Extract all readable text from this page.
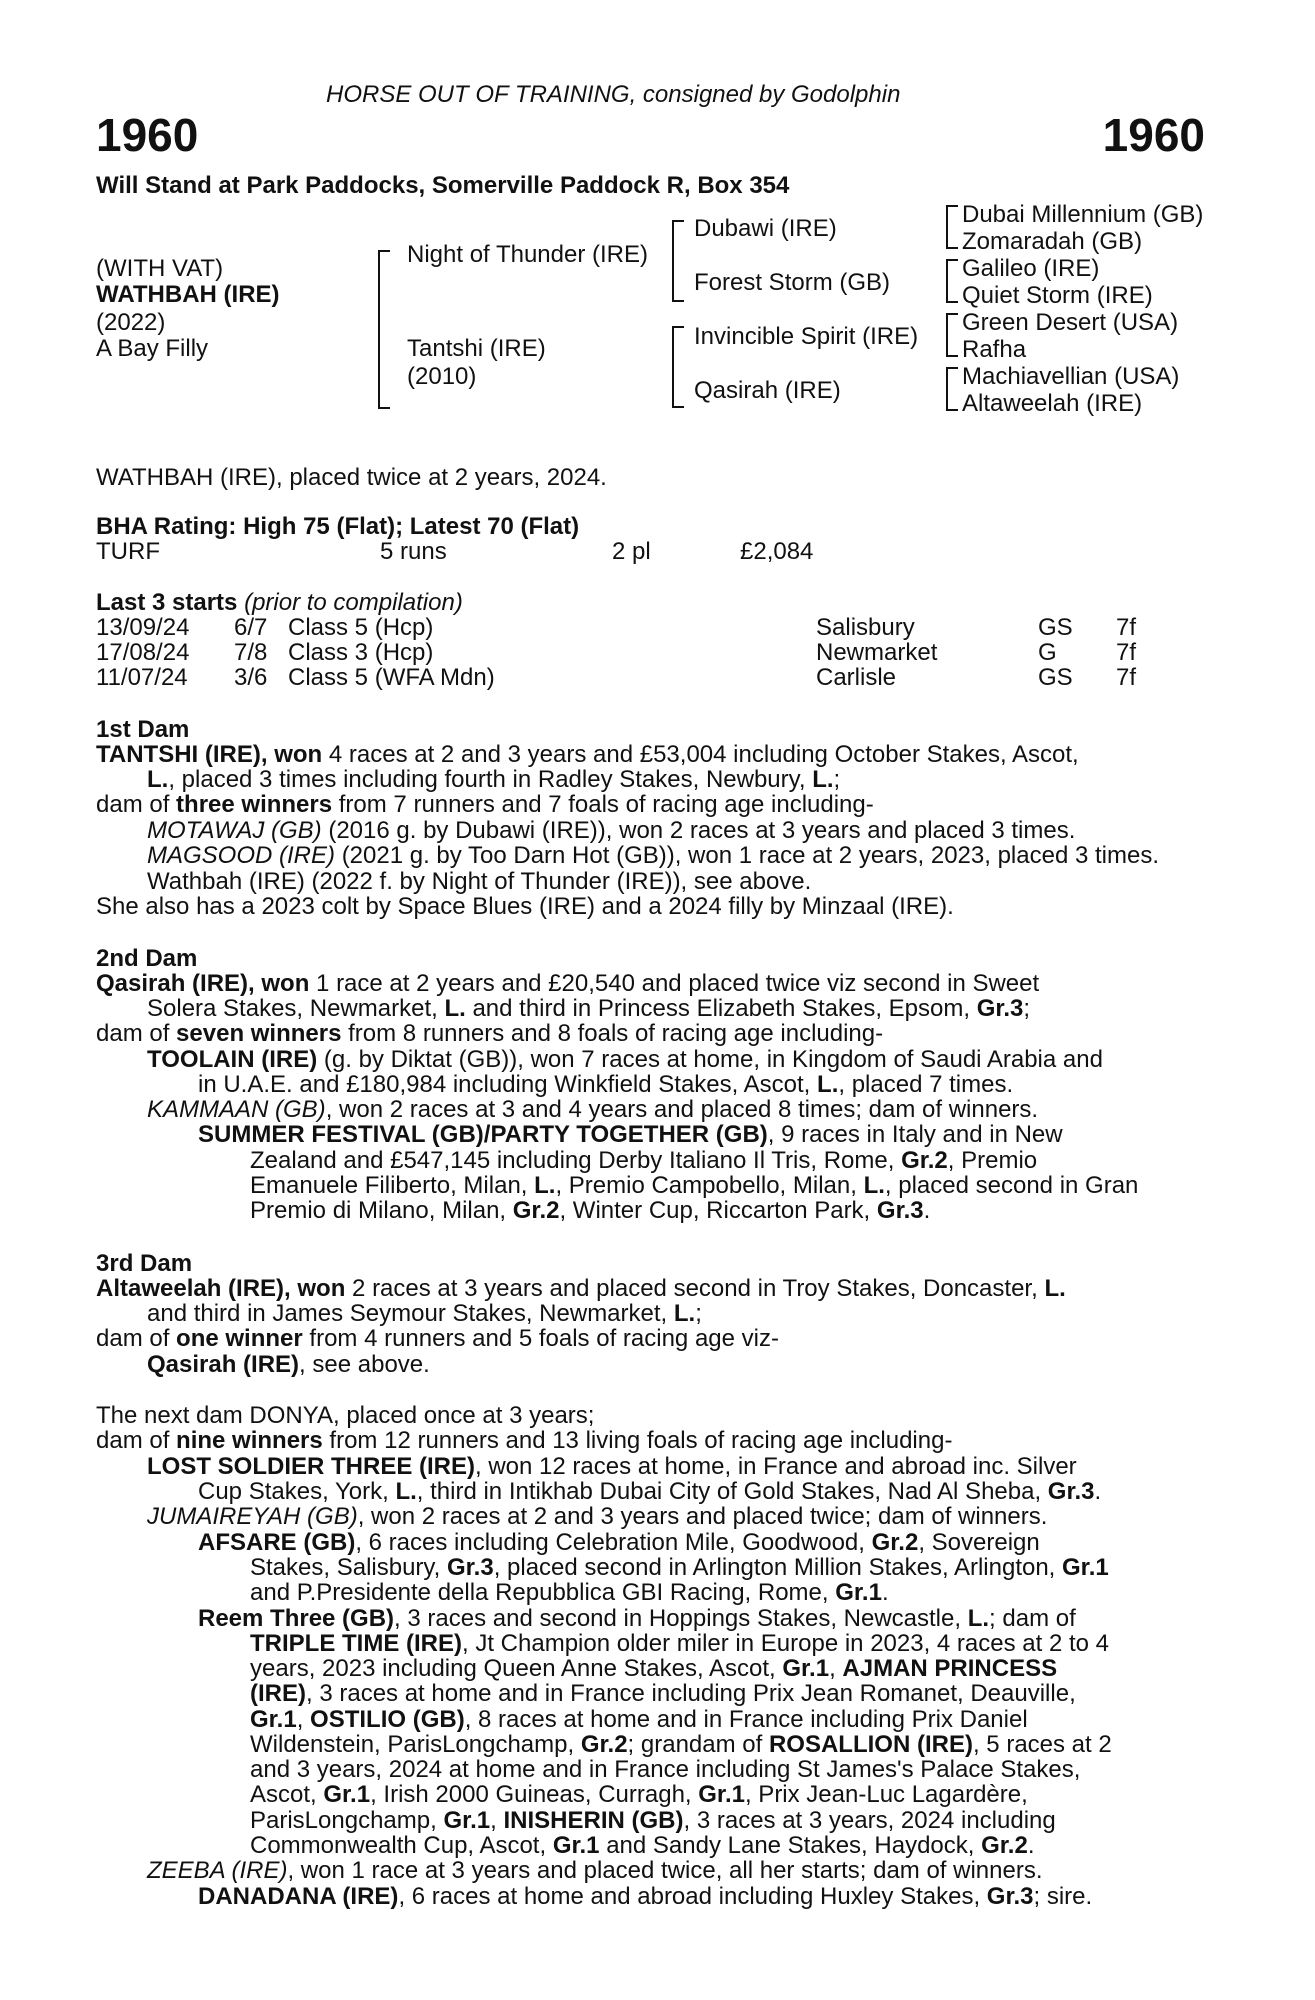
HORSE OUT OF TRAINING, consigned by Godolphin
1960	1960
Will Stand at Park Paddocks, Somerville Paddock R, Box 354
(WITH VAT)
WATHBAH (IRE)
(2022)
A Bay Filly
Night of Thunder (IRE)
Tantshi (IRE)
(2010)
Dubawi (IRE)
Forest Storm (GB)
Invincible Spirit (IRE)
Qasirah (IRE)
Dubai Millennium (GB)
Zomaradah (GB)
Galileo (IRE)
Quiet Storm (IRE)
Green Desert (USA)
Rafha
Machiavellian (USA)
Altaweelah (IRE)
WATHBAH (IRE), placed twice at 2 years, 2024.
BHA Rating: High 75 (Flat); Latest 70 (Flat)
TURF	5 runs	2 pl	£2,084
Last 3 starts (prior to compilation)
13/09/24 6/7 Class 5 (Hcp)	Salisbury	GS 7f
17/08/24 7/8 Class 3 (Hcp)	Newmarket	G 7f
11/07/24 3/6 Class 5 (WFA Mdn)	Carlisle	GS 7f
1st Dam
TANTSHI (IRE), won 4 races at 2 and 3 years and £53,004 including October Stakes, Ascot,
L., placed 3 times including fourth in Radley Stakes, Newbury, L.;
dam of three winners from 7 runners and 7 foals of racing age including-
MOTAWAJ (GB) (2016 g. by Dubawi (IRE)), won 2 races at 3 years and placed 3 times.
MAGSOOD (IRE) (2021 g. by Too Darn Hot (GB)), won 1 race at 2 years, 2023, placed 3 times.
Wathbah (IRE) (2022 f. by Night of Thunder (IRE)), see above.
She also has a 2023 colt by Space Blues (IRE) and a 2024 filly by Minzaal (IRE).
2nd Dam
Qasirah (IRE), won 1 race at 2 years and £20,540 and placed twice viz second in Sweet
Solera Stakes, Newmarket, L. and third in Princess Elizabeth Stakes, Epsom, Gr.3;
dam of seven winners from 8 runners and 8 foals of racing age including-
TOOLAIN (IRE) (g. by Diktat (GB)), won 7 races at home, in Kingdom of Saudi Arabia and
in U.A.E. and £180,984 including Winkfield Stakes, Ascot, L., placed 7 times.
KAMMAAN (GB), won 2 races at 3 and 4 years and placed 8 times; dam of winners.
SUMMER FESTIVAL (GB)/PARTY TOGETHER (GB), 9 races in Italy and in New
Zealand and £547,145 including Derby Italiano Il Tris, Rome, Gr.2, Premio
Emanuele Filiberto, Milan, L., Premio Campobello, Milan, L., placed second in Gran
Premio di Milano, Milan, Gr.2, Winter Cup, Riccarton Park, Gr.3.
3rd Dam
Altaweelah (IRE), won 2 races at 3 years and placed second in Troy Stakes, Doncaster, L.
and third in James Seymour Stakes, Newmarket, L.;
dam of one winner from 4 runners and 5 foals of racing age viz-
Qasirah (IRE), see above.
The next dam DONYA, placed once at 3 years;
dam of nine winners from 12 runners and 13 living foals of racing age including-
LOST SOLDIER THREE (IRE), won 12 races at home, in France and abroad inc. Silver
Cup Stakes, York, L., third in Intikhab Dubai City of Gold Stakes, Nad Al Sheba, Gr.3.
JUMAIREYAH (GB), won 2 races at 2 and 3 years and placed twice; dam of winners.
AFSARE (GB), 6 races including Celebration Mile, Goodwood, Gr.2, Sovereign
Stakes, Salisbury, Gr.3, placed second in Arlington Million Stakes, Arlington, Gr.1
and P.Presidente della Repubblica GBI Racing, Rome, Gr.1.
Reem Three (GB), 3 races and second in Hoppings Stakes, Newcastle, L.; dam of
TRIPLE TIME (IRE), Jt Champion older miler in Europe in 2023, 4 races at 2 to 4
years, 2023 including Queen Anne Stakes, Ascot, Gr.1, AJMAN PRINCESS
(IRE), 3 races at home and in France including Prix Jean Romanet, Deauville,
Gr.1, OSTILIO (GB), 8 races at home and in France including Prix Daniel
Wildenstein, ParisLongchamp, Gr.2; grandam of ROSALLION (IRE), 5 races at 2
and 3 years, 2024 at home and in France including St James's Palace Stakes,
Ascot, Gr.1, Irish 2000 Guineas, Curragh, Gr.1, Prix Jean-Luc Lagardère,
ParisLongchamp, Gr.1, INISHERIN (GB), 3 races at 3 years, 2024 including
Commonwealth Cup, Ascot, Gr.1 and Sandy Lane Stakes, Haydock, Gr.2.
ZEEBA (IRE), won 1 race at 3 years and placed twice, all her starts; dam of winners.
DANADANA (IRE), 6 races at home and abroad including Huxley Stakes, Gr.3; sire.
